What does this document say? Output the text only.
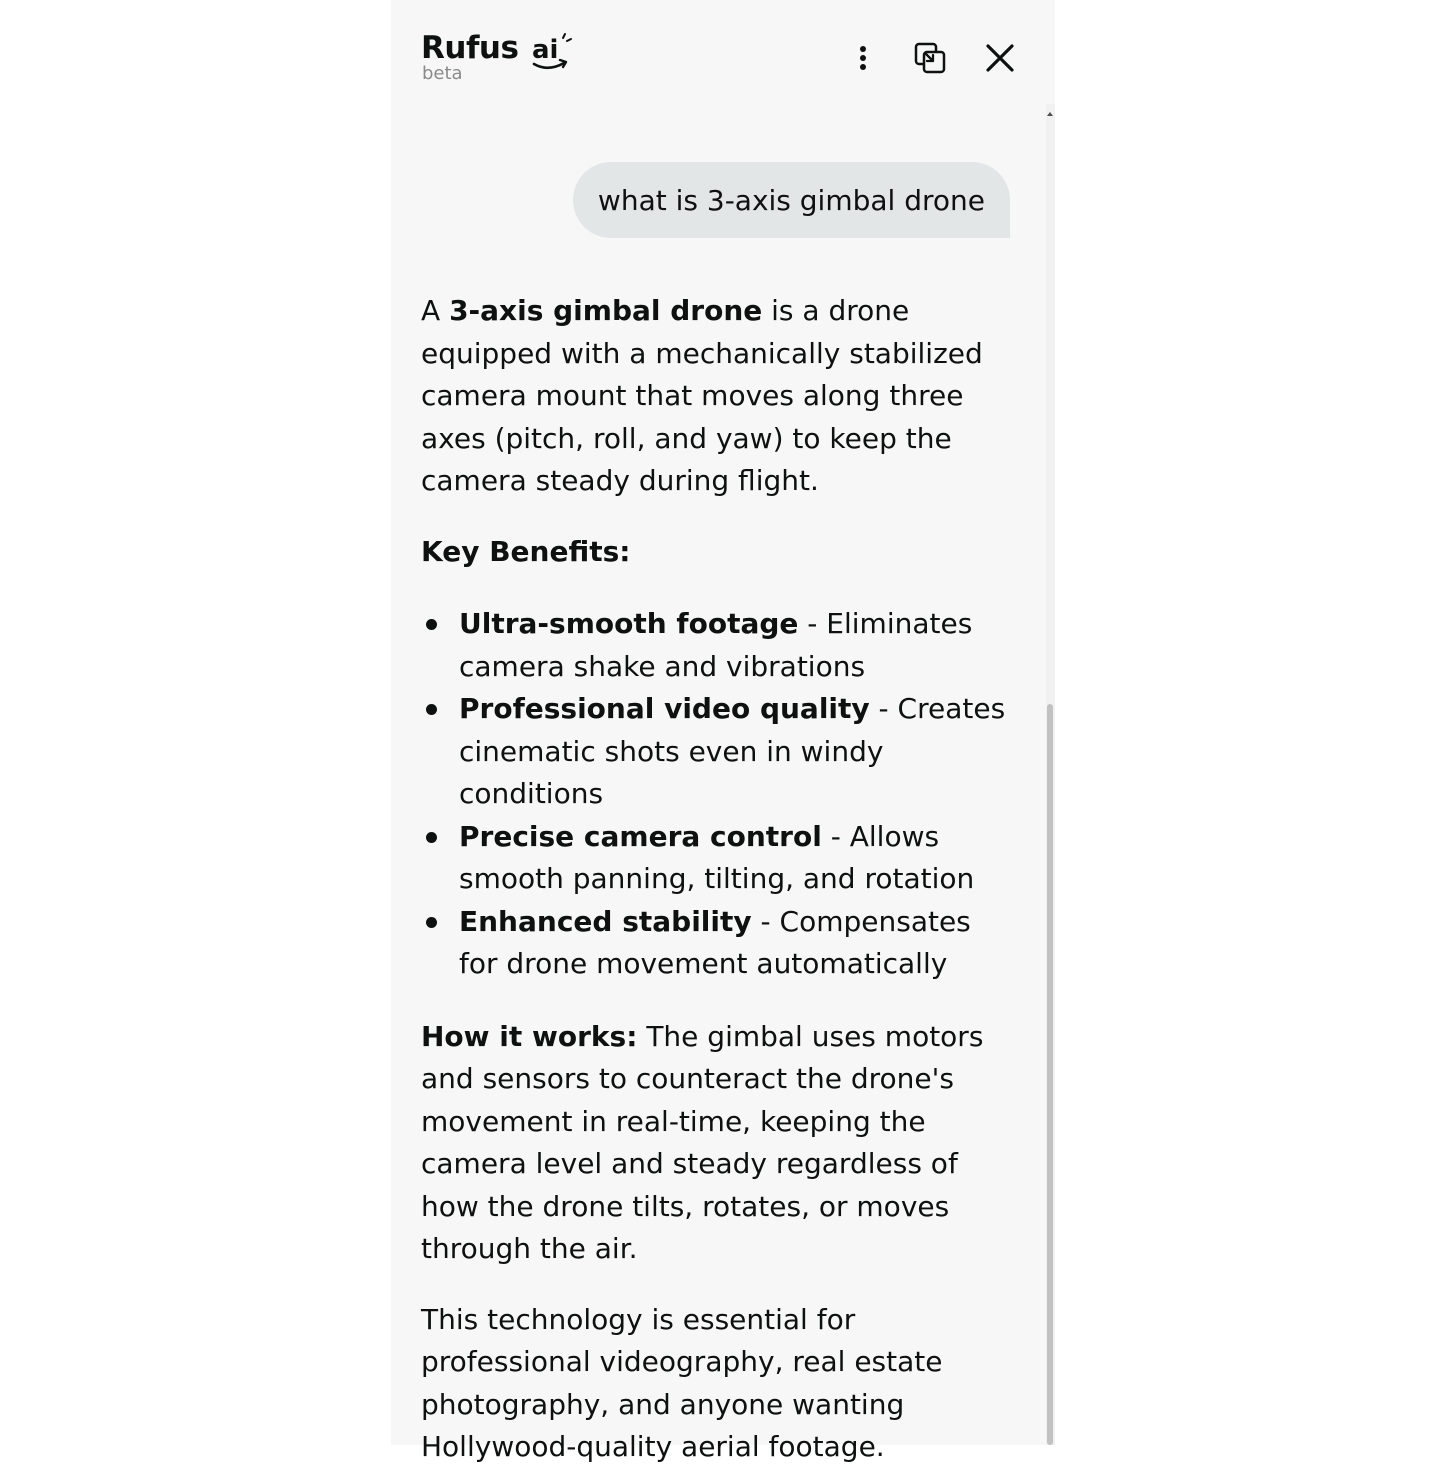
Rufus ai
beta
what is 3-axis gimbal drone

A 3-axis gimbal drone is a drone equipped with a mechanically stabilized camera mount that moves along three axes (pitch, roll, and yaw) to keep the camera steady during flight.

Key Benefits:

Ultra-smooth footage - Eliminates camera shake and vibrations
Professional video quality - Creates cinematic shots even in windy conditions
Precise camera control - Allows smooth panning, tilting, and rotation
Enhanced stability - Compensates for drone movement automatically

How it works: The gimbal uses motors and sensors to counteract the drone's movement in real-time, keeping the camera level and steady regardless of how the drone tilts, rotates, or moves through the air.

This technology is essential for professional videography, real estate photography, and anyone wanting Hollywood-quality aerial footage.
